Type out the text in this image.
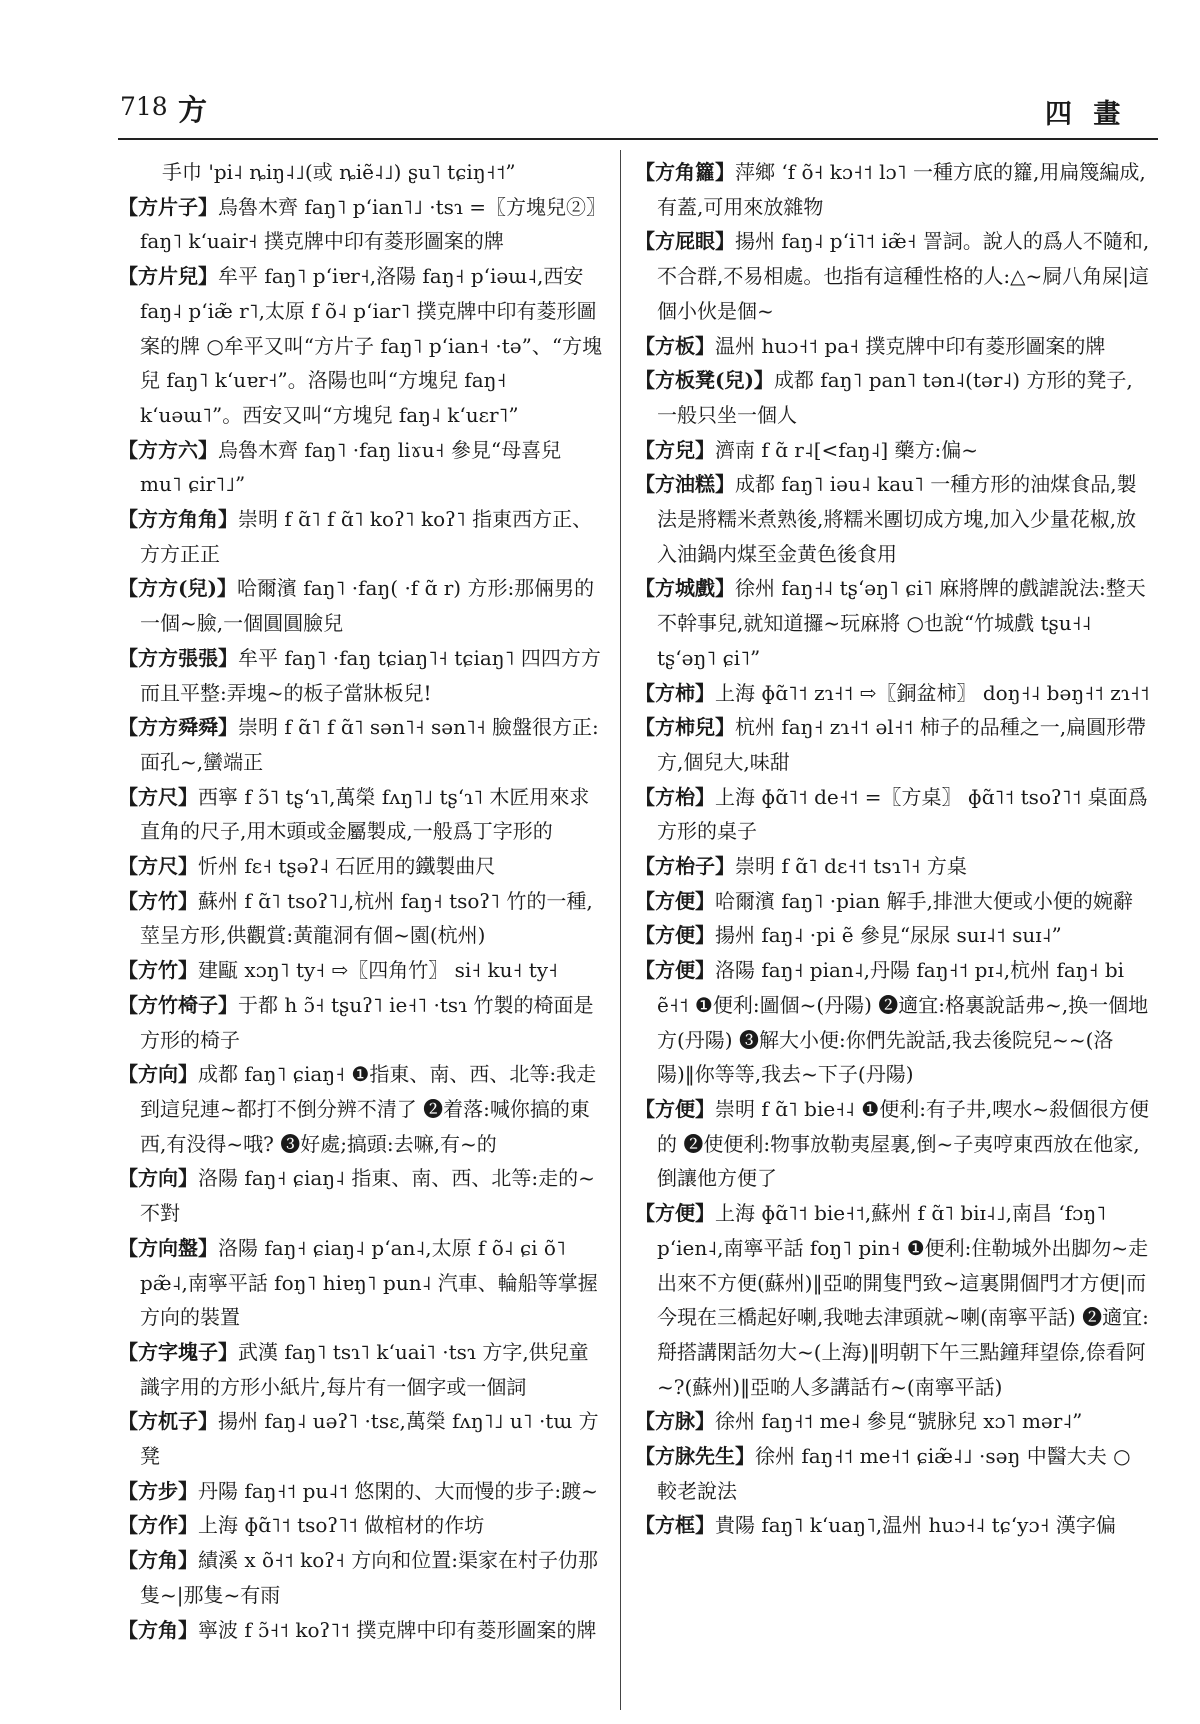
718 方	四 畫

手巾 'pi˨ ȵiŋ˨˩(或 ȵiẽ˨˩) ʂu˥ tɕiŋ˧˦”

【方片子】烏魯木齊 faŋ˥ pʻian˥˩ ·tsɿ =〖方塊兒②〗 faŋ˥ kʻuair˧ 撲克牌中印有菱形圖案的牌

【方片兒】牟平 faŋ˥ pʻiɐr˧,洛陽 faŋ˧ pʻiəɯ˨,西安 faŋ˨ pʻiæ̃ r˥,太原 f õ˨ pʻiar˥ 撲克牌中印有菱形圖案的牌 ○牟平又叫“方片子 faŋ˥ pʻian˧ ·tə”、“方塊兒 faŋ˥ kʻuɐr˧”。洛陽也叫“方塊兒 faŋ˧ kʻuəɯ˥”。西安又叫“方塊兒 faŋ˨ kʻuɛr˥”

【方方六】烏魯木齊 faŋ˥ ·faŋ liɤu˧ 參見“母喜兒 mu˥ ɕir˥˩”

【方方角角】崇明 f ɑ̃˥ f ɑ̃˥ koʔ˥ koʔ˥ 指東西方正、方方正正

【方方(兒)】哈爾濱 faŋ˥ ·faŋ( ·f ɑ̃ r) 方形:那倆男的一個~臉,一個圓圓臉兒

【方方張張】牟平 faŋ˥ ·faŋ tɕiaŋ˥˧ tɕiaŋ˥ 四四方方而且平整:弄塊~的板子當牀板兒!

【方方舜舜】崇明 f ɑ̃˥ f ɑ̃˥ sən˥˧ sən˥˧ 臉盤很方正:面孔~,蠻端正

【方尺】西寧 f ɔ̃˥ tʂʻɿ˥,萬榮 fʌŋ˥˩ tʂʻɿ˥ 木匠用來求直角的尺子,用木頭或金屬製成,一般爲丁字形的

【方尺】忻州 fɛ˧ tʂəʔ˨ 石匠用的鐵製曲尺

【方竹】蘇州 f ɑ̃˥ tsoʔ˥˩,杭州 faŋ˧ tsoʔ˥ 竹的一種,莖呈方形,供觀賞:黃龍洞有個~園(杭州)

【方竹】建甌 xɔŋ˥ ty˧ ⇨〖四角竹〗 si˧ ku˧ ty˧

【方竹椅子】于都 h ɔ̃˧ tʂuʔ˥ ie˧˥ ·tsɿ 竹製的椅面是方形的椅子

【方向】成都 faŋ˥ ɕiaŋ˧ ❶指東、南、西、北等:我走到這兒連~都打不倒分辨不清了 ❷着落:喊你搞的東西,有没得~哦? ❸好處;搞頭:去嘛,有~的

【方向】洛陽 faŋ˧ ɕiaŋ˨ 指東、南、西、北等:走的~不對

【方向盤】洛陽 faŋ˧ ɕiaŋ˨ pʻan˨,太原 f õ˨ ɕi õ˥ pæ̃˨,南寧平話 foŋ˥ hiɐŋ˥ pun˨ 汽車、輪船等掌握方向的裝置

【方字塊子】武漢 faŋ˥ tsɿ˥ kʻuai˥ ·tsɿ 方字,供兒童識字用的方形小紙片,每片有一個字或一個詞

【方杌子】揚州 faŋ˨ uəʔ˥ ·tsɛ,萬榮 fʌŋ˥˩ u˥ ·tɯ 方凳

【方步】丹陽 faŋ˧˦ pu˨˦ 悠閑的、大而慢的步子:踱~

【方作】上海 ɸɑ̃˥˦ tsoʔ˥˦ 做棺材的作坊

【方角】績溪 x õ˧˦ koʔ˧ 方向和位置:渠家在村子仂那隻~|那隻~有雨

【方角】寧波 f ɔ̃˧˦ koʔ˥˦ 撲克牌中印有菱形圖案的牌

【方角籮】萍鄉 ʻf õ˧ kɔ˧˦ lɔ˥ 一種方底的籮,用扁篾編成,有蓋,可用來放雜物

【方屁眼】揚州 faŋ˨ pʻi˥˦ iæ̃˧ 詈詞。說人的爲人不隨和,不合群,不易相處。也指有這種性格的人:△~屙八角屎|這個小伙是個~

【方板】温州 huɔ˧˦ pa˧ 撲克牌中印有菱形圖案的牌

【方板凳(兒)】成都 faŋ˥ pan˥ tən˨(tər˨) 方形的凳子,一般只坐一個人

【方兒】濟南 f ɑ̃ r˨[<faŋ˨] 藥方:偏~

【方油糕】成都 faŋ˥ iəu˨ kau˥ 一種方形的油煤食品,製法是將糯米煮熟後,將糯米團切成方塊,加入少量花椒,放入油鍋内煤至金黄色後食用

【方城戲】徐州 faŋ˧˨ tʂʻəŋ˥ ɕi˥ 麻將牌的戲謔說法:整天不幹事兒,就知道攞~玩麻將 ○也說“竹城戲 tʂu˧˨ tʂʻəŋ˥ ɕi˥”

【方柿】上海 ɸɑ̃˥˦ zɿ˧˦ ⇨〖銅盆柿〗 doŋ˧˨ bəŋ˧˦ zɿ˧˦

【方柿兒】杭州 faŋ˧ zɿ˧˦ əl˧˦ 柿子的品種之一,扁圓形帶方,個兒大,味甜

【方枱】上海 ɸɑ̃˥˦ de˧˦ =〖方桌〗 ɸɑ̃˥˦ tsoʔ˥˦ 桌面爲方形的桌子

【方枱子】崇明 f ɑ̃˥ dɛ˧˦ tsɿ˥˧ 方桌

【方便】哈爾濱 faŋ˥ ·pian 解手,排泄大便或小便的婉辭

【方便】揚州 faŋ˨ ·pi ẽ 參見“尿尿 suɪ˨˦ suɪ˨”

【方便】洛陽 faŋ˧ pian˨,丹陽 faŋ˧˦ pɪ˨,杭州 faŋ˧ bi ẽ˧˦ ❶便利:圖個~(丹陽) ❷適宜:格裏說話弗~,换一個地方(丹陽) ❸解大小便:你們先說話,我去後院兒~~(洛陽)‖你等等,我去~下子(丹陽)

【方便】崇明 f ɑ̃˥ bie˧˨ ❶便利:有子井,喫水~殺個很方便的 ❷使便利:物事放勒夷屋裏,倒~子夷哼東西放在他家,倒讓他方便了

【方便】上海 ɸɑ̃˥˦ bie˧˦,蘇州 f ɑ̃˥ biɪ˨˩,南昌 ʻfɔŋ˥ pʻien˨,南寧平話 foŋ˥ pin˧ ❶便利:住勒城外出脚勿~走出來不方便(蘇州)‖亞啲開隻門致~這裏開個門才方便|而今現在三橋起好喇,我哋去津頭就~喇(南寧平話) ❷適宜:搿搭講閑話勿大~(上海)‖明朝下午三點鐘拜望倷,倷看阿~?(蘇州)‖亞啲人多講話冇~(南寧平話)

【方脉】徐州 faŋ˧˦ me˨ 參見“號脉兒 xɔ˥ mər˨”

【方脉先生】徐州 faŋ˧˦ me˧˦ ɕiæ̃˨˩ ·səŋ 中醫大夫 ○較老說法

【方框】貴陽 faŋ˥ kʻuaŋ˥,温州 huɔ˧˨ tɕʻyɔ˧ 漢字偏
